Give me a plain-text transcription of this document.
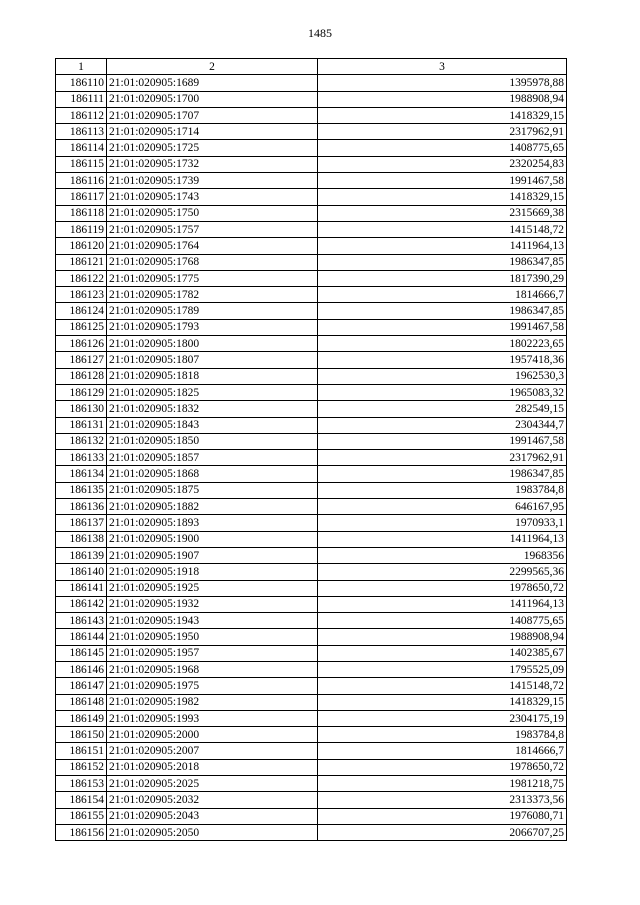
1485
1	2	3
186110	21:01:020905:1689	1395978,88
186111	21:01:020905:1700	1988908,94
186112	21:01:020905:1707	1418329,15
186113	21:01:020905:1714	2317962,91
186114	21:01:020905:1725	1408775,65
186115	21:01:020905:1732	2320254,83
186116	21:01:020905:1739	1991467,58
186117	21:01:020905:1743	1418329,15
186118	21:01:020905:1750	2315669,38
186119	21:01:020905:1757	1415148,72
186120	21:01:020905:1764	1411964,13
186121	21:01:020905:1768	1986347,85
186122	21:01:020905:1775	1817390,29
186123	21:01:020905:1782	1814666,7
186124	21:01:020905:1789	1986347,85
186125	21:01:020905:1793	1991467,58
186126	21:01:020905:1800	1802223,65
186127	21:01:020905:1807	1957418,36
186128	21:01:020905:1818	1962530,3
186129	21:01:020905:1825	1965083,32
186130	21:01:020905:1832	282549,15
186131	21:01:020905:1843	2304344,7
186132	21:01:020905:1850	1991467,58
186133	21:01:020905:1857	2317962,91
186134	21:01:020905:1868	1986347,85
186135	21:01:020905:1875	1983784,8
186136	21:01:020905:1882	646167,95
186137	21:01:020905:1893	1970933,1
186138	21:01:020905:1900	1411964,13
186139	21:01:020905:1907	1968356
186140	21:01:020905:1918	2299565,36
186141	21:01:020905:1925	1978650,72
186142	21:01:020905:1932	1411964,13
186143	21:01:020905:1943	1408775,65
186144	21:01:020905:1950	1988908,94
186145	21:01:020905:1957	1402385,67
186146	21:01:020905:1968	1795525,09
186147	21:01:020905:1975	1415148,72
186148	21:01:020905:1982	1418329,15
186149	21:01:020905:1993	2304175,19
186150	21:01:020905:2000	1983784,8
186151	21:01:020905:2007	1814666,7
186152	21:01:020905:2018	1978650,72
186153	21:01:020905:2025	1981218,75
186154	21:01:020905:2032	2313373,56
186155	21:01:020905:2043	1976080,71
186156	21:01:020905:2050	2066707,25
